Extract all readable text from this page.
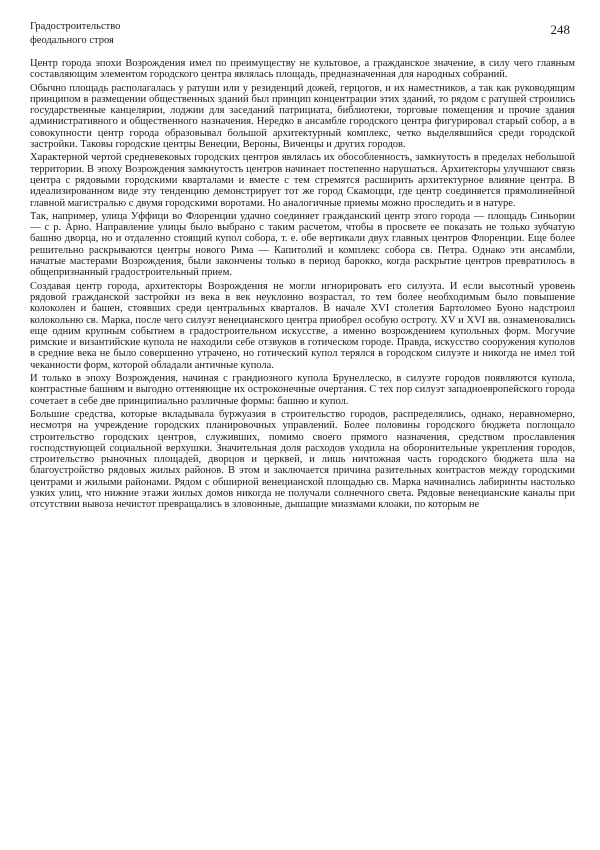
Градостроительство
феодального строя
248

Центр города эпохи Возрождения имел по преимуществу не культовое, а гражданское значение, в силу чего главным составляющим элементом городского центра являлась площадь, предназначенная для народных собраний.

Обычно площадь располагалась у ратуши или у резиденций дожей, герцогов, и их наместников, а так как руководящим принципом в размещении общественных зданий был принцип концентрации этих зданий, то рядом с ратушей строились государственные канцелярии, лоджии для заседаний патрициата, библиотеки, торговые помещения и прочие здания административного и общественного назначения. Нередко в ансамбле городского центра фигурировал старый собор, а в совокупности центр города образовывал большой архитектурный комплекс, четко выделявшийся среди городской застройки. Таковы городские центры Венеции, Вероны, Виченцы и других городов.

Характерной чертой средневековых городских центров являлась их обособленность, замкнутость в пределах небольшой территории. В эпоху Возрождения замкнутость центров начинает постепенно нарушаться. Архитекторы улучшают связь центра с рядовыми городскими кварталами и вместе с тем стремятся расширить архитектурное влияние центра. В идеализированном виде эту тенденцию демонстрирует тот же город Скамоцци, где центр соединяется прямолинейной главной магистралью с двумя городскими воротами. Но аналогичные приемы можно проследить и в натуре.

Так, например, улица Уффици во Флоренции удачно соединяет гражданский центр этого города — площадь Синьории — с р. Арно. Направление улицы было выбрано с таким расчетом, чтобы в просвете ее показать не только зубчатую башню дворца, но и отдаленно стоящий купол собора, т. е. обе вертикали двух главных центров Флоренции. Еще более решительно раскрываются центры нового Рима — Капитолий и комплекс собора св. Петра. Однако эти ансамбли, начатые мастерами Возрождения, были закончены только в период барокко, когда раскрытие центров превратилось в общепризнанный градостроительный прием.

Создавая центр города, архитекторы Возрождения не могли игнорировать его силуэта. И если высотный уровень рядовой гражданской застройки из века в век неуклонно возрастал, то тем более необходимым было повышение колоколен и башен, стоявших среди центральных кварталов. В начале XVI столетия Бартоломео Буоно надстроил колокольню св. Марка, после чего силуэт венецианского центра приобрел особую остроту. XV и XVI вв. ознаменовались еще одним крупным событием в градостроительном искусстве, а именно возрождением купольных форм. Могучие римские и византийские купола не находили себе отзвуков в готическом городе. Правда, искусство сооружения куполов в средние века не было совершенно утрачено, но готический купол терялся в городском силуэте и никогда не имел той чеканности форм, которой обладали античные купола.

И только в эпоху Возрождения, начиная с грандиозного купола Брунеллеско, в силуэте городов появляются купола, контрастные башням и выгодно оттеняющие их остроконечные очертания. С тех пор силуэт западноевропейского города сочетает в себе две принципиально различные формы: башню и купол.

Большие средства, которые вкладывала буржуазия в строительство городов, распределялись, однако, неравномерно, несмотря на учреждение городских планировочных управлений. Более половины городского бюджета поглощало строительство городских центров, служивших, помимо своего прямого назначения, средством прославления господствующей социальной верхушки. Значительная доля расходов уходила на оборонительные укрепления городов, строительство рыночных площадей, дворцов и церквей, и лишь ничтожная часть городского бюджета шла на благоустройство рядовых жилых районов. В этом и заключается причина разительных контрастов между городскими центрами и жилыми районами. Рядом с обширной венецианской площадью св. Марка начинались лабиринты настолько узких улиц, что нижние этажи жилых домов никогда не получали солнечного света. Рядовые венецианские каналы при отсутствии вывоза нечистот превращались в зловонные, дышащие миазмами клоаки, по которым не
